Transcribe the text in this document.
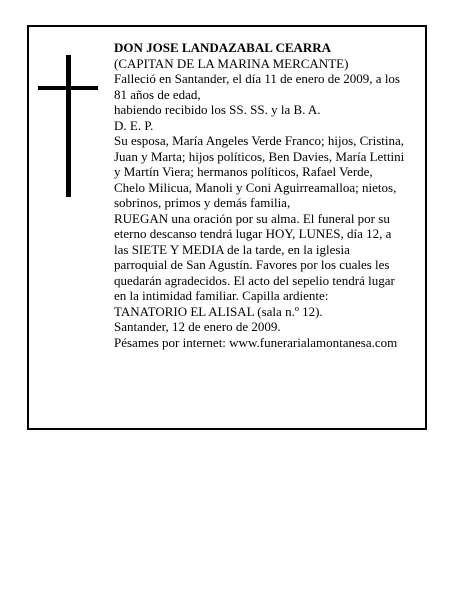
DON JOSE LANDAZABAL CEARRA

(CAPITAN DE LA MARINA MERCANTE)

Falleció en Santander, el día 11 de enero de 2009, a los

81 años de edad,

habiendo recibido los SS. SS. y la B. A.

D. E. P.

Su esposa, María Angeles Verde Franco; hijos, Cristina,

Juan y Marta; hijos políticos, Ben Davies, María Lettini

y Martín Viera; hermanos políticos, Rafael Verde,

Chelo Milicua, Manoli y Coni Aguirreamalloa; nietos,

sobrinos, primos y demás familia,

RUEGAN una oración por su alma. El funeral por su

eterno descanso tendrá lugar HOY, LUNES, día 12, a

las SIETE Y MEDIA de la tarde, en la iglesia

parroquial de San Agustín. Favores por los cuales les

quedarán agradecidos. El acto del sepelio tendrá lugar

en la intimidad familiar. Capilla ardiente:

TANATORIO EL ALISAL (sala n.º 12).

Santander, 12 de enero de 2009.

Pésames por internet: www.funerarialamontanesa.com
